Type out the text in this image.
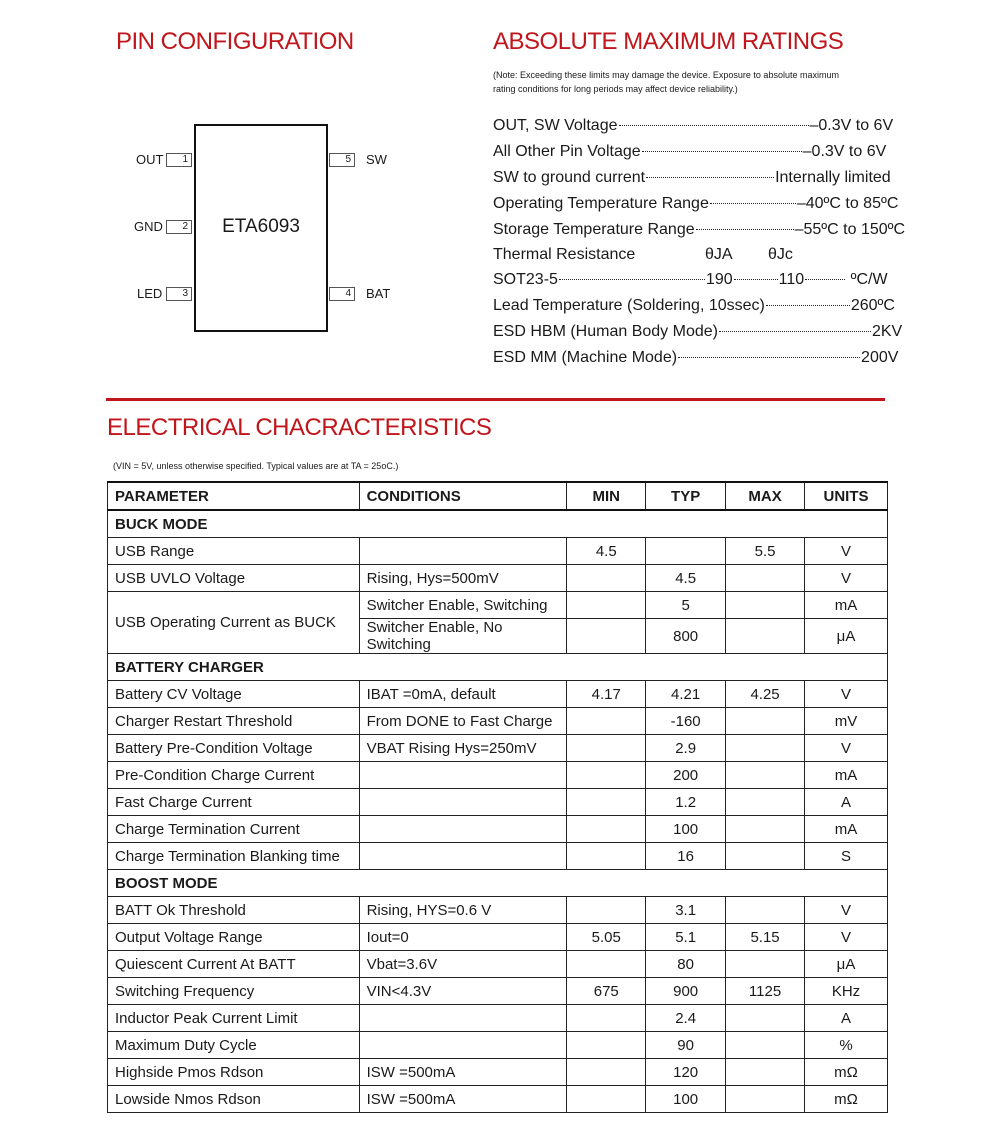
PIN CONFIGURATION
ETA6093
OUT	1
GND	2
LED	3
5	SW
4	BAT
ABSOLUTE MAXIMUM RATINGS
(Note: Exceeding these limits may damage the device. Exposure to absolute maximum rating conditions for long periods may affect device reliability.)
OUT, SW Voltage	–0.3V to 6V
All Other Pin Voltage	–0.3V to 6V
SW to ground current	Internally limited
Operating Temperature Range	–40ºC to 85ºC
Storage Temperature Range	–55ºC to 150ºC
Thermal Resistance	θJA θJc
SOT23-5	190	110	ºC/W
Lead Temperature (Soldering, 10ssec)	260ºC
ESD HBM (Human Body Mode)	2KV
ESD MM (Machine Mode)	200V
ELECTRICAL CHACRACTERISTICS
(VIN = 5V, unless otherwise specified. Typical values are at TA = 25oC.)
PARAMETER	CONDITIONS	MIN	TYP	MAX	UNITS
BUCK MODE					
USB Range		4.5		5.5	V
USB UVLO Voltage	Rising, Hys=500mV		4.5		V
USB Operating Current as BUCK	Switcher Enable, Switching		5		mA
	Switcher Enable, No Switching		800		μA
BATTERY CHARGER					
Battery CV Voltage	IBAT =0mA, default	4.17	4.21	4.25	V
Charger Restart Threshold	From DONE to Fast Charge		-160		mV
Battery Pre-Condition Voltage	VBAT Rising Hys=250mV		2.9		V
Pre-Condition Charge Current			200		mA
Fast Charge Current			1.2		A
Charge Termination Current			100		mA
Charge Termination Blanking time			16		S
BOOST MODE					
BATT Ok Threshold	Rising, HYS=0.6 V		3.1		V
Output Voltage Range	Iout=0	5.05	5.1	5.15	V
Quiescent Current At BATT	Vbat=3.6V		80		μA
Switching Frequency	VIN<4.3V	675	900	1125	KHz
Inductor Peak Current Limit			2.4		A
Maximum Duty Cycle			90		%
Highside Pmos Rdson	ISW =500mA		120		mΩ
Lowside Nmos Rdson	ISW =500mA		100		mΩ
